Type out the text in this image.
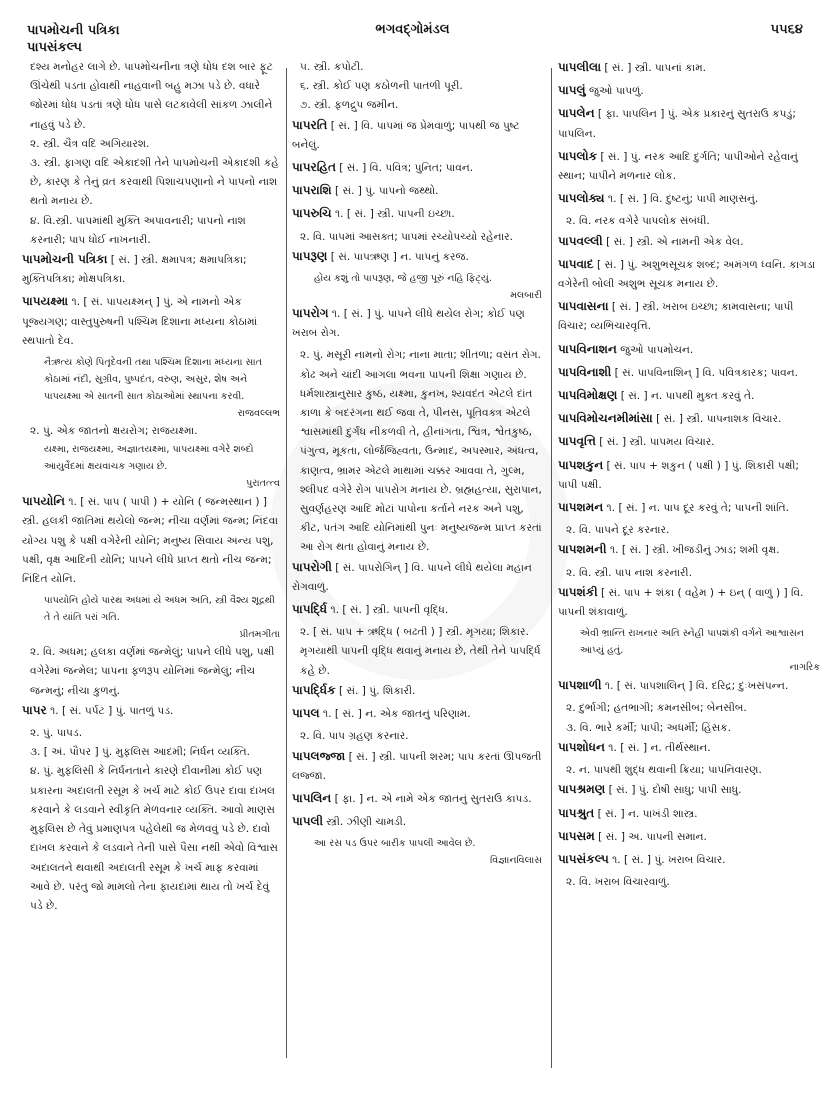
પાપમોચની પત્રિકા
પાપસંકલ્પ
ભગવદ્ગોમંડલ	૫૫૬૪
દશ્ય મનોહર લાગે છે. પાપમોચનીના ત્રણે ધોધ દશ બાર ફૂટ ઊંચેથી પડતા હોવાથી નાહવાની બહુ મઝા પડે છે. વધારે જોરમાં ધોધ પડતાં ત્રણે ધોધ પાસે લટકાવેલી સાંકળ ઝાલીને નાહવું પડે છે.
૨. સ્ત્રી. ચૈત્ર વદિ અગિયારશ.
૩. સ્ત્રી. ફાગણ વદિ એકાદશી તેને પાપમોચની એકાદશી કહે છે, કારણ કે તેનું વ્રત કરવાથી પિશાચપણાનો ને પાપનો નાશ થતો મનાય છે.
૪. વિ.સ્ત્રી. પાપમાંથી મુક્તિ અપાવનારી; પાપનો નાશ કરનારી; પાપ ધોઈ નાખનારી.
પાપમોચની પત્રિકા [ સં. ] સ્ત્રી. ક્ષમાપત્ર; ક્ષમાપત્રિકા; મુક્તિપત્રિકા; મોક્ષપત્રિકા.
પાપયક્ષ્મા ૧. [ સં. પાપયક્ષ્મન્ ] પું. એ નામનો એક પૂજ્યગણ; વાસ્તુપુરુષની પશ્ચિમ દિશાના મધ્યના કોઠામાં સ્થપાતો દેવ.
નૈઋત્ય કોણે પિતૃદેવની તથા પશ્ચિમ દિશાના મધ્યના સાત કોઠામાં નંદી, સુગ્રીવ, પુષ્પદંત, વરુણ, અસુર, શેષ અને પાપયક્ષ્મા એ સાતની સાત કોઠાઓમાં સ્થાપના કરવી.
રાજવલ્લભ
૨. પું. એક જાતનો ક્ષયરોગ; રાજયક્ષ્મા.
યક્ષ્મા, રાજયક્ષ્મા, અજ્ઞાતયક્ષ્મા, પાપયક્ષ્મા વગેરે શબ્દો આયુર્વેદમાં ક્ષયવાચક ગણાય છે.
પુરાતત્ત્વ
પાપયોનિ ૧. [ સં. પાપ ( પાપી ) + યોનિ ( જન્મસ્થાન ) ] સ્ત્રી. હલકી જાતિમાં થયેલો જન્મ; નીચા વર્ણમાં જન્મ; નિંદવા યોગ્ય પશુ કે પક્ષી વગેરેની યોનિ; મનુષ્ય સિવાય અન્ય પશુ, પક્ષી, વૃક્ષ આદિની યોનિ; પાપને લીધે પ્રાપ્ત થતો નીચ જન્મ; નિંદિત યોનિ.
પાપયોનિ હોયે પારથ અધમાં યે અધમ અતિ, સ્ત્રી વૈશ્ય શૂદ્રથી તે તે યાંતિ પરાં ગતિ.
પ્રીતમગીતા
૨. વિ. અધમ; હલકા વર્ણમાં જન્મેલું; પાપને લીધે પશુ, પક્ષી વગેરેમાં જન્મેલ; પાપના ફળરૂપ યોનિમાં જન્મેલું; નીચ જન્મનું; નીચા કુળનું.
પાપર ૧. [ સં. પર્પટ ] પું. પાતળું પડ.
૨. પું. પાપડ.
૩. [ અં. પૌપર ] પું. મુફલિસ આદમી; નિર્ધન વ્યક્તિ.
૪. પું. મુફલિસી કે નિર્ધનતાને કારણે દીવાનીમાં કોઈ પણ પ્રકારના અદાલતી રસૂમ કે ખર્ચ માટે કોઈ ઉપર દાવા દાખલ કરવાને કે લડવાને સ્વીકૃતિ મેળવનાર વ્યક્તિ. આવો માણસ મુફલિસ છે તેવું પ્રમાણપત્ર પહેલેથી જ મેળવવું પડે છે. દાવો દાખલ કરવાને કે લડવાને તેની પાસે પૈસા નથી એવો વિશ્વાસ અદાલતને થવાથી અદાલતી રસૂમ કે ખર્ચ માફ કરવામાં આવે છે. પરંતુ જો મામલો તેના ફાયદામાં થાય તો ખર્ચ દેવું પડે છે.
૫. સ્ત્રી. કપોટી.
૬. સ્ત્રી. કોઈ પણ કઠોળની પાતળી પૂરી.
૭. સ્ત્રી. ફળદ્રુપ જમીન.
પાપરતિ [ સં. ] વિ. પાપમાં જ પ્રેમવાળું; પાપથી જ પુષ્ટ બનેલું.
પાપરહિત [ સં. ] વિ. પવિત્ર; પુનિત; પાવન.
પાપરાશિ [ સં. ] પું. પાપનો જથ્થો.
પાપરુચિ ૧. [ સં. ] સ્ત્રી. પાપની ઇચ્છા.
૨. વિ. પાપમાં આસક્ત; પાપમાં રચ્યોપચ્યો રહેનાર.
પાપરૂણ [ સં. પાપઋણ ] ન. પાપનું કરજ.
હોય કશું તો પાપરૂણ, જે હજી પૂરું નહિ ફિટ્યું.
મલબારી
પાપરોગ ૧. [ સં. ] પું. પાપને લીધે થયેલ રોગ; કોઈ પણ ખરાબ રોગ.
૨. પું. મસૂરી નામનો રોગ; નાના માતા; શીતળા; વસંત રોગ. કોઢ અને ચાંદી આગલા ભવના પાપની શિક્ષા ગણાય છે. ધર્મશાસ્ત્રાનુસાર કુષ્ઠ, યક્ષ્મા, કુનખ, શ્યવદંત એટલે દાંત કાળા કે બદરંગના થઈ જવા તે, પીનસ, પૂતિવક્ત્ર એટલે શ્વાસમાંથી દુર્ગંધ નીકળવી તે, હીનાંગતા, શ્વિત્ર, શ્વેતકુષ્ઠ, પંગુત્વ, મૂકતા, લોર્જજિહ્વતા, ઉન્માદ, અપસ્માર, અંધત્વ, કાણત્વ, ભ્રામર એટલે માથામાં ચક્કર આવવા તે, ગુલ્મ, શ્લીપદ વગેરે રોગ પાપરોગ મનાય છે. બ્રહ્મહત્યા, સુરાપાન, સુવર્ણહરણ આદિ મોટાં પાપોના કર્તાને નરક અને પશુ, કીટ, પતંગ આદિ યોનિમાંથી પુનઃ મનુષ્યજન્મ પ્રાપ્ત કરતાં આ રોગ થતા હોવાનું મનાય છે.
પાપરોગી [ સં. પાપરોગિન્ ] વિ. પાપને લીધે થયેલા મહાન રોગવાળું.
પાપર્દ્ધિ ૧. [ સં. ] સ્ત્રી. પાપની વૃદ્ધિ.
૨. [ સં. પાપ + ઋદ્ધિ ( બઢતી ) ] સ્ત્રી. મૃગયા; શિકાર. મૃગયાથી પાપની વૃદ્ધિ થવાનું મનાય છે, તેથી તેને પાપર્દ્ધિ કહે છે.
પાપર્દ્ધિક [ સં. ] પું. શિકારી.
પાપલ ૧. [ સં. ] ન. એક જાતનું પરિણામ.
૨. વિ. પાપ ગ્રહણ કરનાર.
પાપલજ્જા [ સં. ] સ્ત્રી. પાપની શરમ; પાપ કરતાં ઊપજતી લજ્જા.
પાપલિન [ ફા. ] ન. એ નામે એક જાતનું સુતરાઉ કાપડ.
પાપલી સ્ત્રી. ઝીણી ચામડી.
આ રસ પડ ઉપર બારીક પાપલી આવેલ છે.
વિજ્ઞાનવિલાસ
પાપલીલા [ સં. ] સ્ત્રી. પાપનાં કામ.
પાપલું જુઓ પાપળું.
પાપલેન [ ફા. પાપલિન ] પું. એક પ્રકારનું સુતરાઉ કપડું; પાપલિન.
પાપલોક [ સં. ] પું. નરક આદિ દુર્ગતિ; પાપીઓને રહેવાનું સ્થાન; પાપીને મળનાર લોક.
પાપલોક્ય ૧. [ સં. ] વિ. દુષ્ટનું; પાપી માણસનું.
૨. વિ. નરક વગેરે પાપલોક સંબંધી.
પાપવલ્લી [ સં. ] સ્ત્રી. એ નામની એક વેલ.
પાપવાદ [ સં. ] પું. અશુભસૂચક શબ્દ; અમંગળ ધ્વનિ. કાગડા વગેરેની બોલી અશુભ સૂચક મનાય છે.
પાપવાસના [ સં. ] સ્ત્રી. ખરાબ ઇચ્છા; કામવાસના; પાપી વિચાર; વ્યભિચારવૃત્તિ.
પાપવિનાશન જુઓ પાપમોચન.
પાપવિનાશી [ સં. પાપવિનાશિન્ ] વિ. પવિત્રકારક; પાવન.
પાપવિમોક્ષણ [ સં. ] ન. પાપથી મુક્ત કરવું તે.
પાપવિમોચનમીમાંસા [ સં. ] સ્ત્રી. પાપનાશક વિચાર.
પાપવૃત્તિ [ સં. ] સ્ત્રી. પાપમય વિચાર.
પાપશકુન [ સં. પાપ + શકુન ( પક્ષી ) ] પું. શિકારી પક્ષી; પાપી પક્ષી.
પાપશમન ૧. [ સં. ] ન. પાપ દૂર કરવું તે; પાપની શાંતિ.
૨. વિ. પાપને દૂર કરનાર.
પાપશમની ૧. [ સં. ] સ્ત્રી. ખીજડીનું ઝાડ; શમી વૃક્ષ.
૨. વિ. સ્ત્રી. પાપ નાશ કરનારી.
પાપશંકી [ સં. પાપ + શંકા ( વહેમ ) + ઇન્ ( વાળું ) ] વિ. પાપની શંકાવાળું.
એવી ભ્રાન્તિ રાખનાર અતિ સ્નેહી પાપશંકી વર્ગને આશ્વાસન આપ્યું હતું.
નાગરિક
પાપશાળી ૧. [ સં. પાપશાલિન્ ] વિ. દરિદ્ર; દુઃખસંપન્ન.
૨. દુર્ભાગી; હતભાગી; કમનસીબ; બેનસીબ.
૩. વિ. ભારે કર્મી; પાપી; અધર્મી; હિંસક.
પાપશોધન ૧. [ સં. ] ન. તીર્થસ્થાન.
૨. ન. પાપથી શુદ્ધ થવાની ક્રિયા; પાપનિવારણ.
પાપશ્રમણ [ સં. ] પું. દોષી સાધુ; પાપી સાધુ.
પાપશ્રુત [ સં. ] ન. પાખંડી શાસ્ત્ર.
પાપસમ [ સં. ] અ. પાપની સમાન.
પાપસંકલ્પ ૧. [ સં. ] પું. ખરાબ વિચાર.
૨. વિ. ખરાબ વિચારવાળું.
